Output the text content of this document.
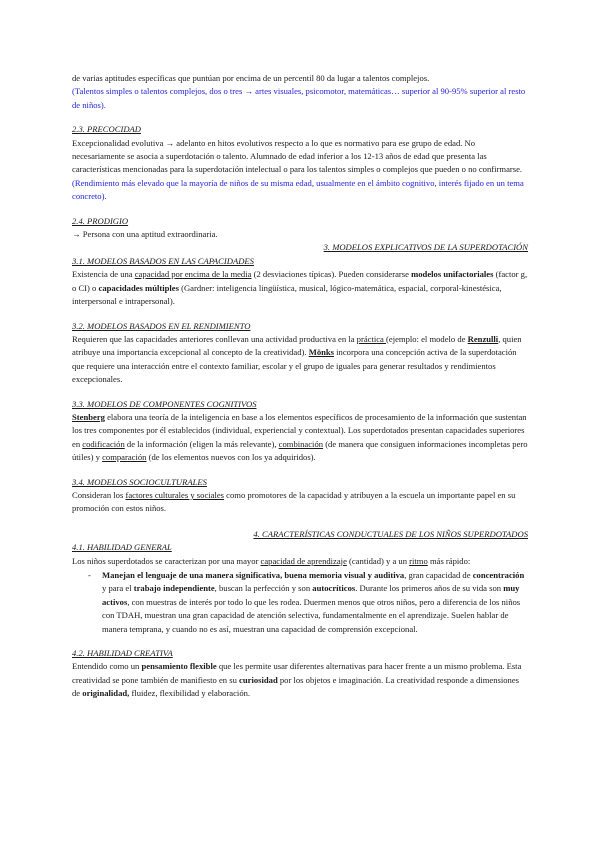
de varias aptitudes específicas que puntúan por encima de un percentil 80 da lugar a talentos complejos.

(Talentos simples o talentos complejos, dos o tres → artes visuales, psicomotor, matemáticas… superior al 90-95% superior al resto de niños).

2.3. PRECOCIDAD

Excepcionalidad evolutiva → adelanto en hitos evolutivos respecto a lo que es normativo para ese grupo de edad. No necesariamente se asocia a superdotación o talento. Alumnado de edad inferior a los 12-13 años de edad que presenta las características mencionadas para la superdotación intelectual o para los talentos simples o complejos que pueden o no confirmarse. (Rendimiento más elevado que la mayoría de niños de su misma edad, usualmente en el ámbito cognitivo, interés fijado en un tema concreto).

2.4. PRODIGIO

→ Persona con una aptitud extraordinaria.

3. MODELOS EXPLICATIVOS DE LA SUPERDOTACIÓN

3.1. MODELOS BASADOS EN LAS CAPACIDADES

Existencia de una capacidad por encima de la media (2 desviaciones típicas). Pueden considerarse modelos unifactoriales (factor g, o CI) o capacidades múltiples (Gardner: inteligencia lingüística, musical, lógico-matemática, espacial, corporal-kinestésica, interpersonal e intrapersonal).

3.2. MODELOS BASADOS EN EL RENDIMIENTO

Requieren que las capacidades anteriores conllevan una actividad productiva en la práctica (ejemplo: el modelo de Renzulli, quien atribuye una importancia excepcional al concepto de la creatividad). Mönks incorpora una concepción activa de la superdotación que requiere una interacción entre el contexto familiar, escolar y el grupo de iguales para generar resultados y rendimientos excepcionales.

3.3. MODELOS DE COMPONENTES COGNITIVOS

Stenberg elabora una teoría de la inteligencia en base a los elementos específicos de procesamiento de la información que sustentan los tres componentes por él establecidos (individual, experiencial y contextual). Los superdotados presentan capacidades superiores en codificación de la información (eligen la más relevante), combinación (de manera que consiguen informaciones incompletas pero útiles) y comparación (de los elementos nuevos con los ya adquiridos).

3.4. MODELOS SOCIOCULTURALES

Consideran los factores culturales y sociales como promotores de la capacidad y atribuyen a la escuela un importante papel en su promoción con estos niños.

4. CARACTERÍSTICAS CONDUCTUALES DE LOS NIÑOS SUPERDOTADOS

4.1. HABILIDAD GENERAL

Los niños superdotados se caracterizan por una mayor capacidad de aprendizaje (cantidad) y a un ritmo más rápido:

- Manejan el lenguaje de una manera significativa, buena memoria visual y auditiva, gran capacidad de concentración y para el trabajo independiente, buscan la perfección y son autocríticos. Durante los primeros años de su vida son muy activos, con muestras de interés por todo lo que les rodea. Duermen menos que otros niños, pero a diferencia de los niños con TDAH, muestran una gran capacidad de atención selectiva, fundamentalmente en el aprendizaje. Suelen hablar de manera temprana, y cuando no es así, muestran una capacidad de comprensión excepcional.

4.2. HABILIDAD CREATIVA

Entendido como un pensamiento flexible que les permite usar diferentes alternativas para hacer frente a un mismo problema. Esta creatividad se pone también de manifiesto en su curiosidad por los objetos e imaginación. La creatividad responde a dimensiones de originalidad, fluidez, flexibilidad y elaboración.
